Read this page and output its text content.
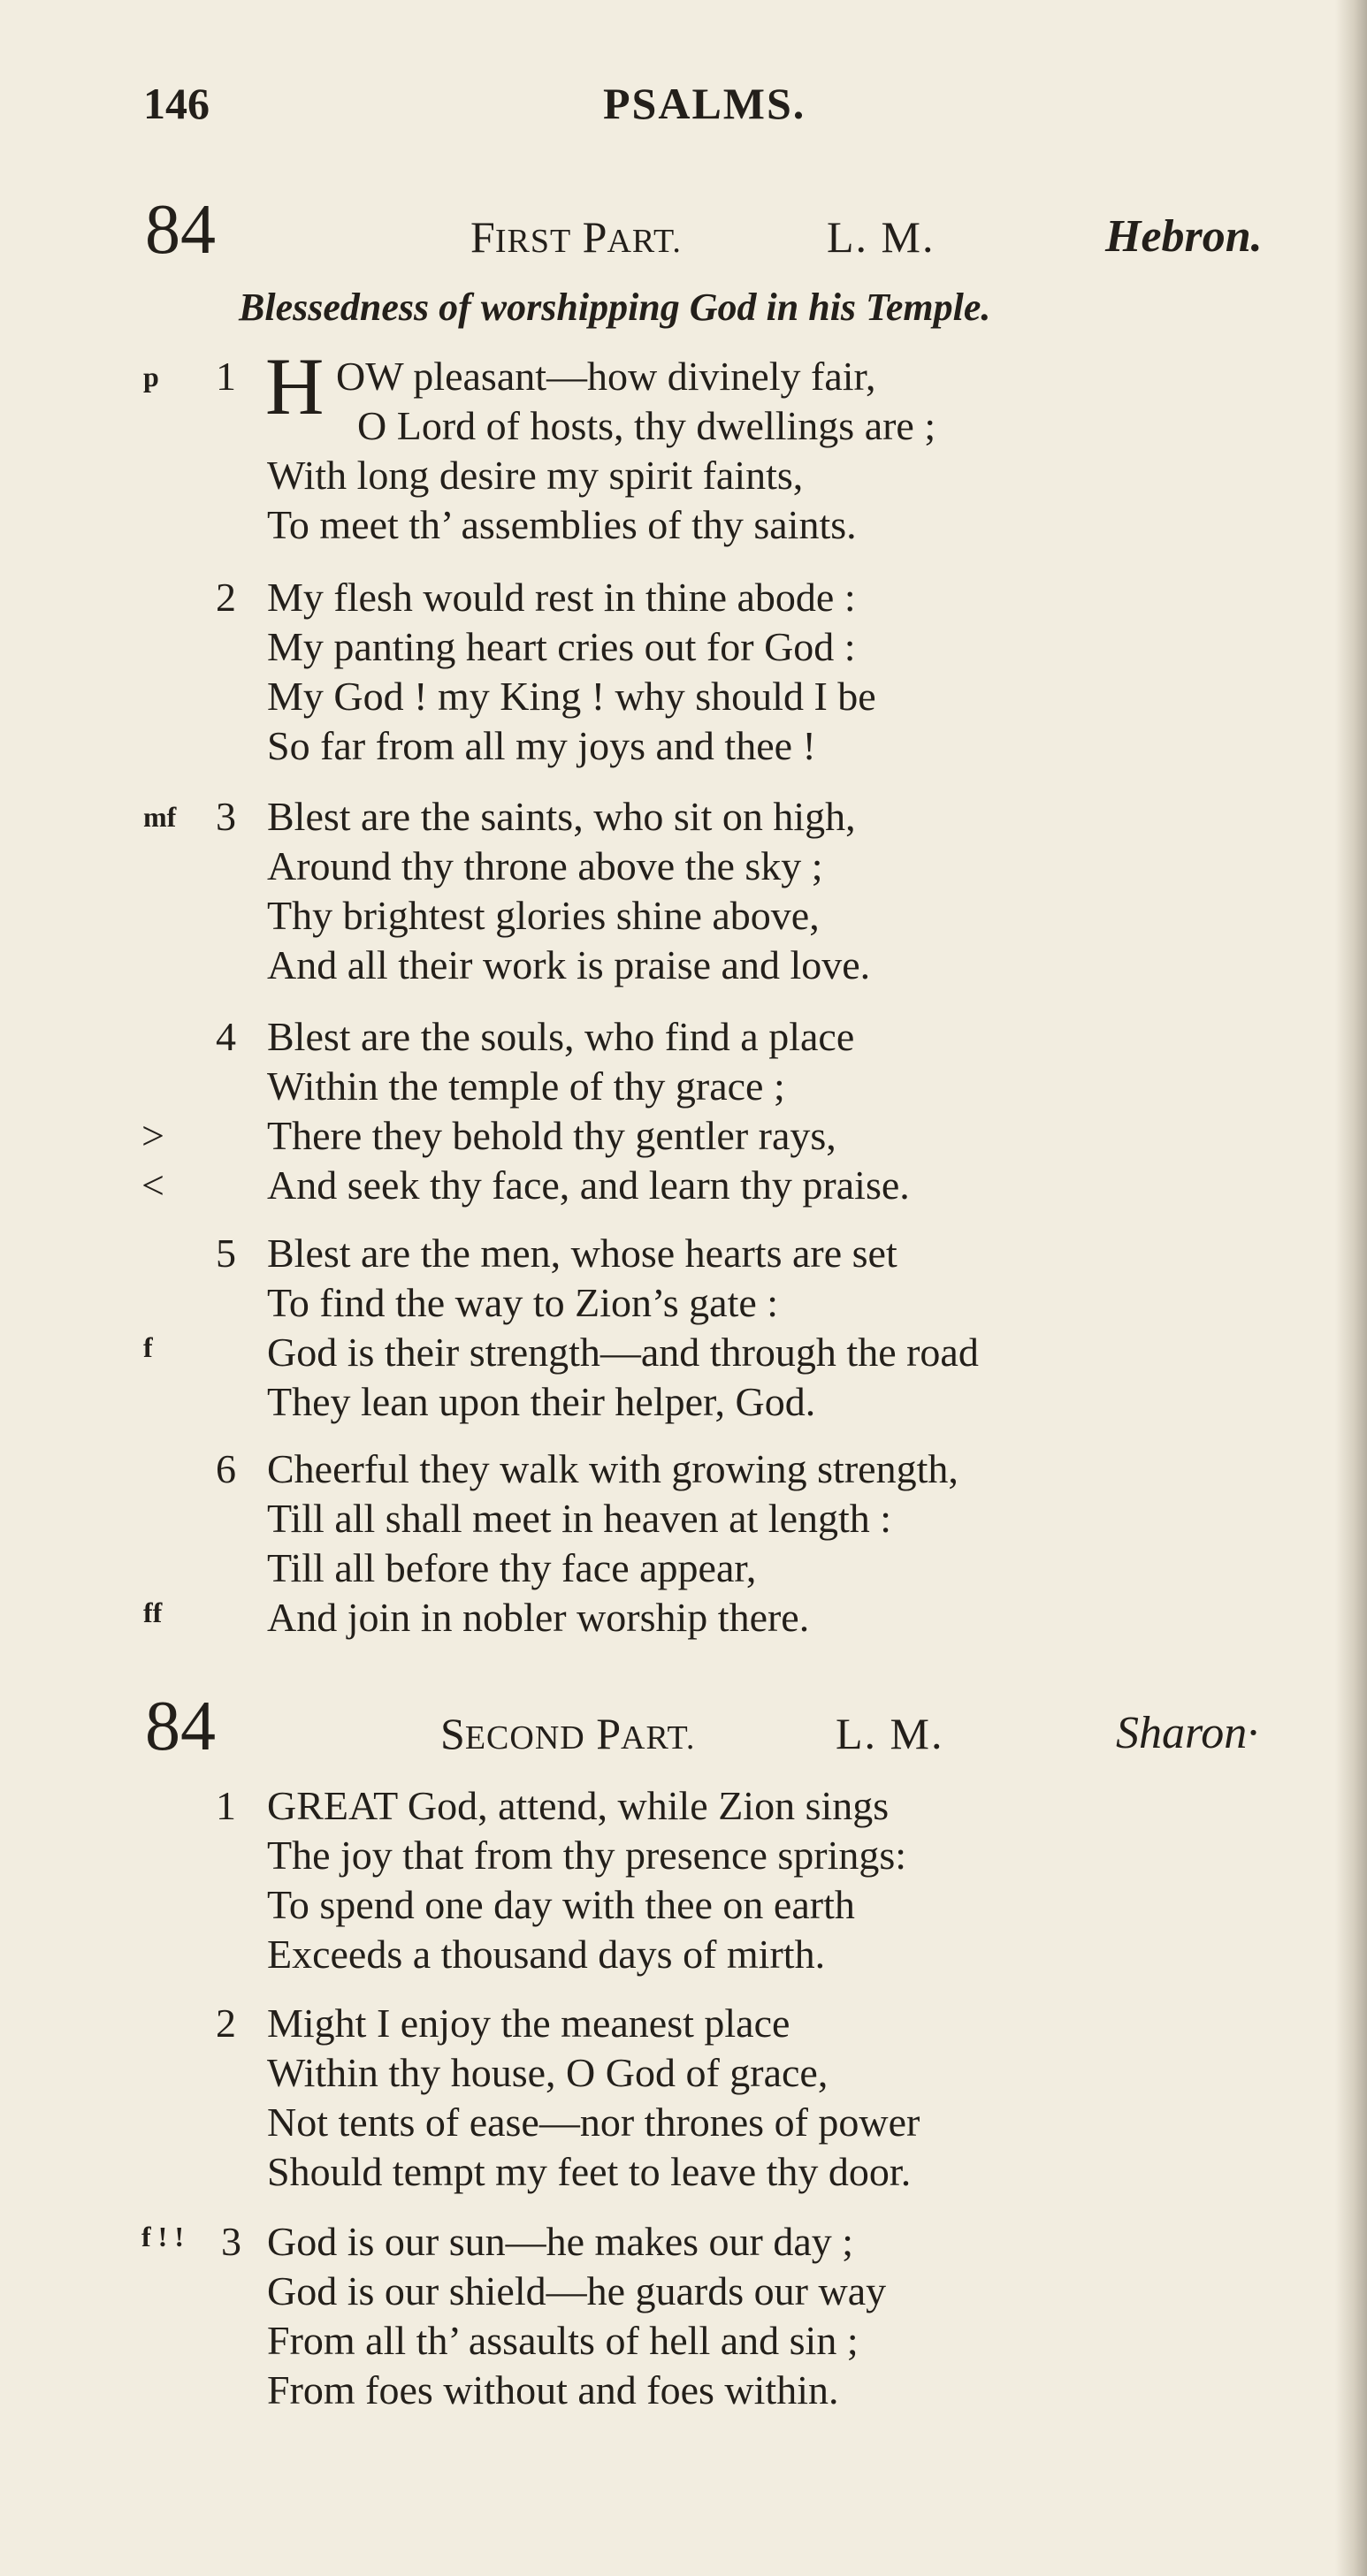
146	PSALMS.
84	FIRST PART.	L. M.	Hebron.
Blessedness of worshipping God in his Temple.
p 1 H OW pleasant—how divinely fair,
O Lord of hosts, thy dwellings are ;
With long desire my spirit faints,
To meet th’ assemblies of thy saints.
2 My flesh would rest in thine abode :
My panting heart cries out for God :
My God ! my King ! why should I be
So far from all my joys and thee !
mf 3 Blest are the saints, who sit on high,
Around thy throne above the sky ;
Thy brightest glories shine above,
And all their work is praise and love.
4 Blest are the souls, who find a place
Within the temple of thy grace ;
>	There they behold thy gentler rays,
<	And seek thy face, and learn thy praise.
5 Blest are the men, whose hearts are set
To find the way to Zion’s gate :
f	God is their strength—and through the road
They lean upon their helper, God.
6 Cheerful they walk with growing strength,
Till all shall meet in heaven at length :
Till all before thy face appear,
ff	And join in nobler worship there.
84	SECOND PART.	L. M.	Sharon·
1 GREAT God, attend, while Zion sings
The joy that from thy presence springs:
To spend one day with thee on earth
Exceeds a thousand days of mirth.
2 Might I enjoy the meanest place
Within thy house, O God of grace,
Not tents of ease—nor thrones of power
Should tempt my feet to leave thy door.
f ! ! 3 God is our sun—he makes our day ;
God is our shield—he guards our way
From all th’ assaults of hell and sin ;
From foes without and foes within.
